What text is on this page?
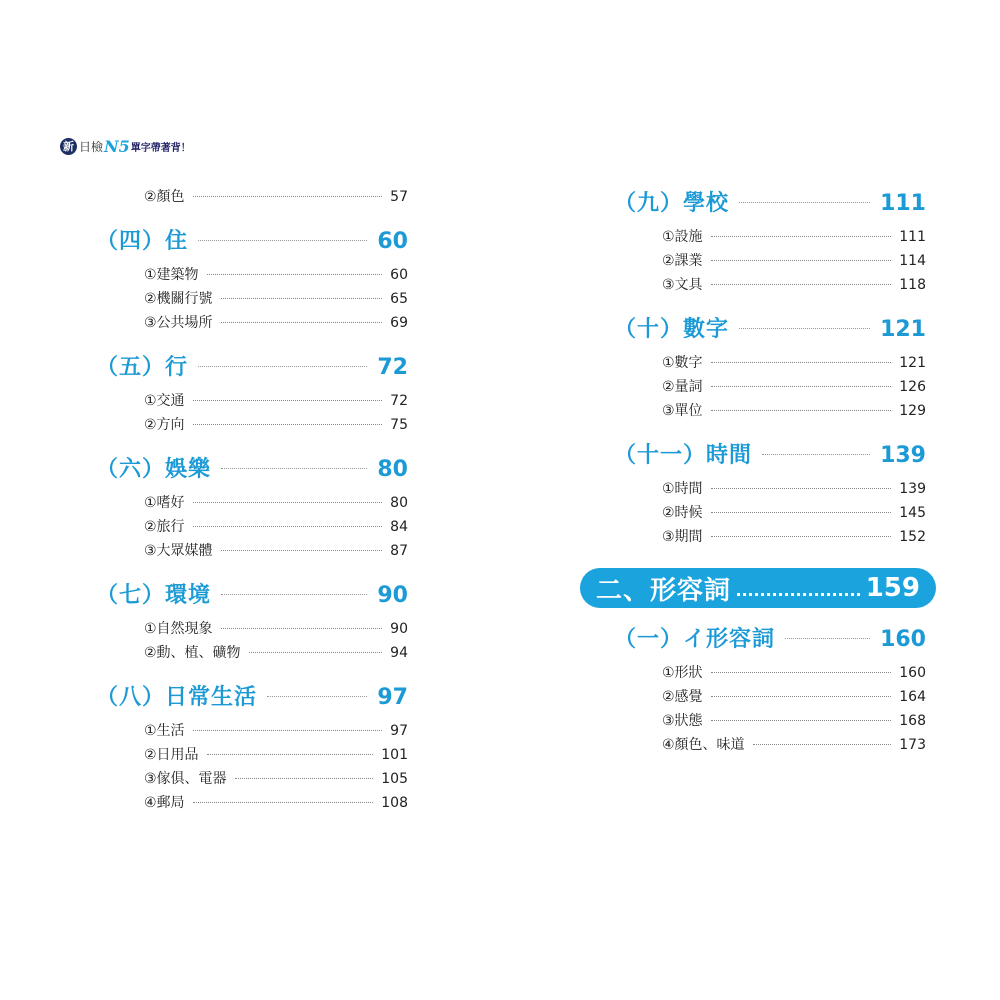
新 日檢 N5 單字帶著背！
②顏色	57
（四）住	60
①建築物	60
②機關行號	65
③公共場所	69
（五）行	72
①交通	72
②方向	75
（六）娛樂	80
①嗜好	80
②旅行	84
③大眾媒體	87
（七）環境	90
①自然現象	90
②動、植、礦物	94
（八）日常生活	97
①生活	97
②日用品	101
③傢俱、電器	105
④郵局	108
（九）學校	111
①設施	111
②課業	114
③文具	118
（十）數字	121
①數字	121
②量詞	126
③單位	129
（十一）時間	139
①時間	139
②時候	145
③期間	152
二、形容詞	159
（一）イ形容詞	160
①形狀	160
②感覺	164
③狀態	168
④顏色、味道	173
